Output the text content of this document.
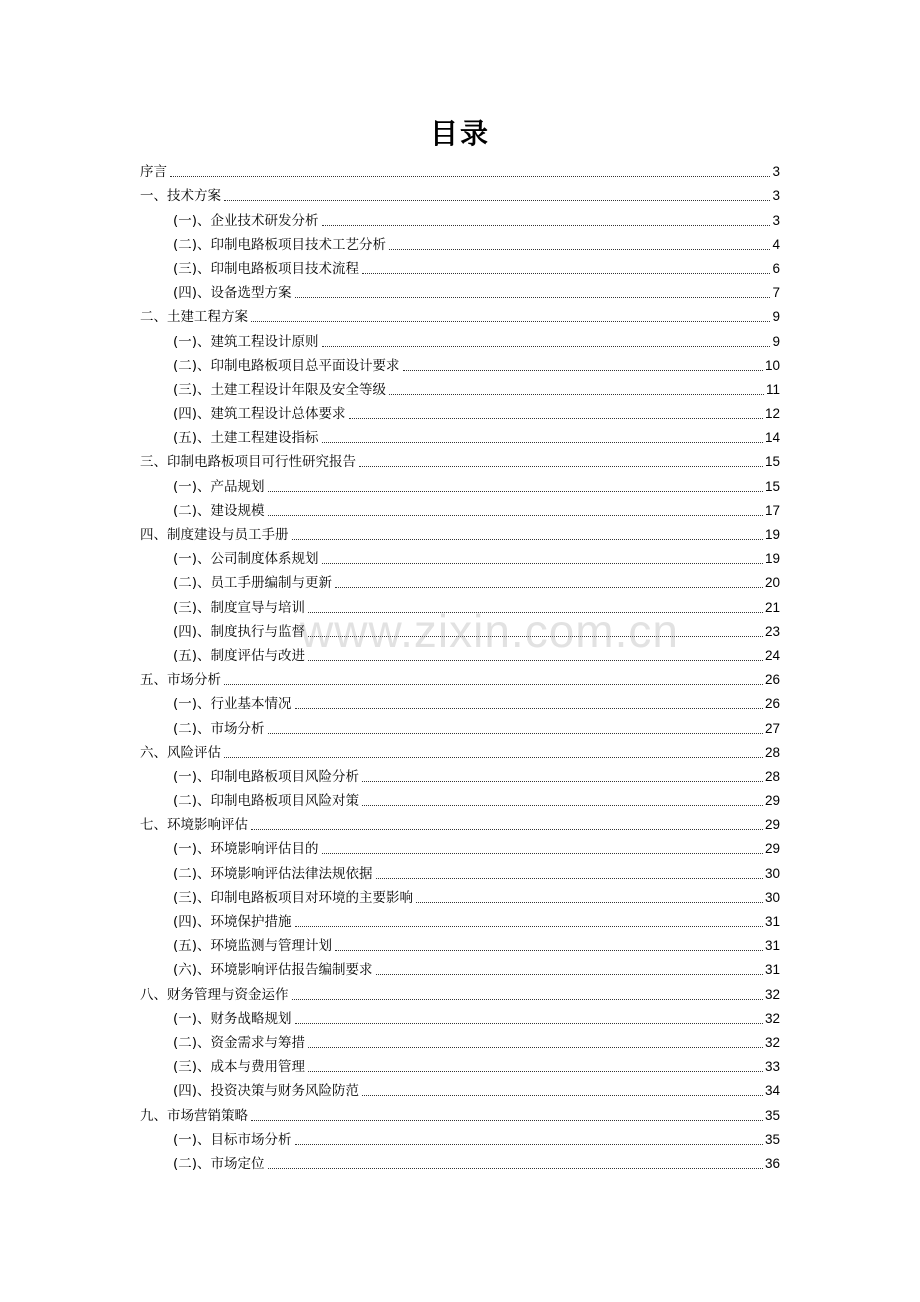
目录
序言	3
一、技术方案	3
(一)、企业技术研发分析	3
(二)、印制电路板项目技术工艺分析	4
(三)、印制电路板项目技术流程	6
(四)、设备选型方案	7
二、土建工程方案	9
(一)、建筑工程设计原则	9
(二)、印制电路板项目总平面设计要求	10
(三)、土建工程设计年限及安全等级	11
(四)、建筑工程设计总体要求	12
(五)、土建工程建设指标	14
三、印制电路板项目可行性研究报告	15
(一)、产品规划	15
(二)、建设规模	17
四、制度建设与员工手册	19
(一)、公司制度体系规划	19
(二)、员工手册编制与更新	20
(三)、制度宣导与培训	21
(四)、制度执行与监督	23
(五)、制度评估与改进	24
五、市场分析	26
(一)、行业基本情况	26
(二)、市场分析	27
六、风险评估	28
(一)、印制电路板项目风险分析	28
(二)、印制电路板项目风险对策	29
七、环境影响评估	29
(一)、环境影响评估目的	29
(二)、环境影响评估法律法规依据	30
(三)、印制电路板项目对环境的主要影响	30
(四)、环境保护措施	31
(五)、环境监测与管理计划	31
(六)、环境影响评估报告编制要求	31
八、财务管理与资金运作	32
(一)、财务战略规划	32
(二)、资金需求与筹措	32
(三)、成本与费用管理	33
(四)、投资决策与财务风险防范	34
九、市场营销策略	35
(一)、目标市场分析	35
(二)、市场定位	36
www.zixin.com.cn
